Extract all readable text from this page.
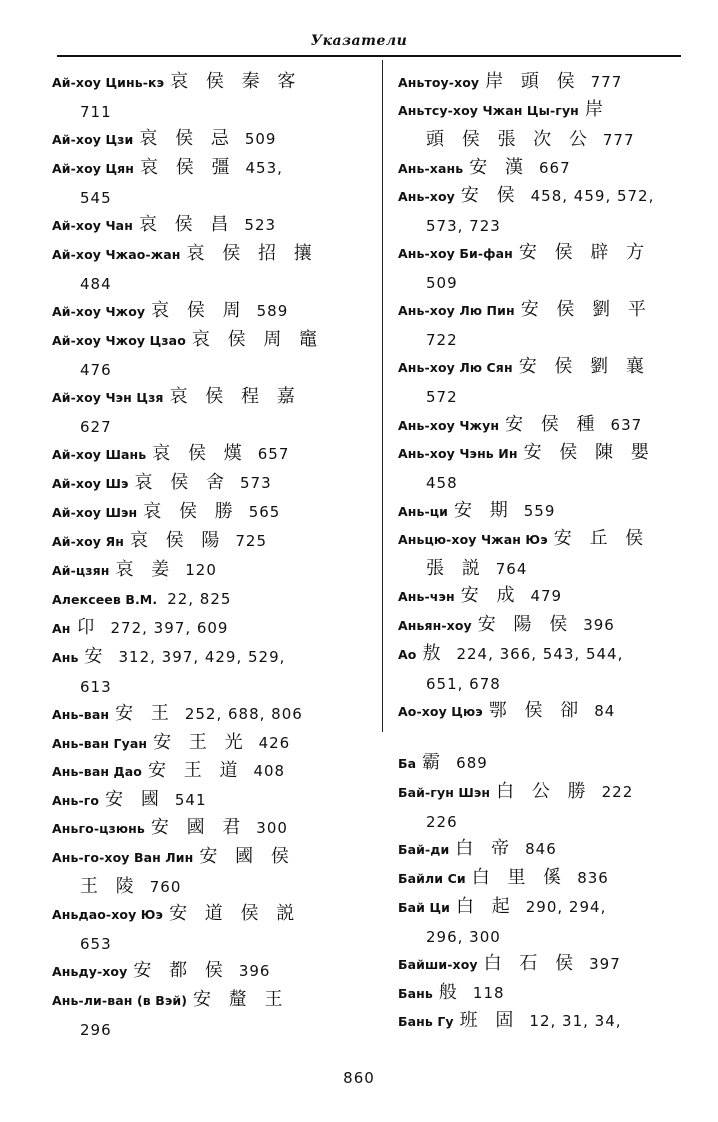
Указатели
Ай-хоу Цинь-кэ 哀 侯 秦 客
711
Ай-хоу Цзи 哀 侯 忌 509
Ай-хоу Цян 哀 侯 彊 453,
545
Ай-хоу Чан 哀 侯 昌 523
Ай-хоу Чжао-жан 哀 侯 招 攘
484
Ай-хоу Чжоу 哀 侯 周 589
Ай-хоу Чжоу Цзао 哀 侯 周 竈
476
Ай-хоу Чэн Цзя 哀 侯 程 嘉
627
Ай-хоу Шань 哀 侯 熯 657
Ай-хоу Шэ 哀 侯 舍 573
Ай-хоу Шэн 哀 侯 勝 565
Ай-хоу Ян 哀 侯 陽 725
Ай-цзян 哀 姜 120
Алексеев В.М. 22, 825
Ан 卬 272, 397, 609
Ань 安 312, 397, 429, 529,
613
Ань-ван 安 王 252, 688, 806
Ань-ван Гуан 安 王 光 426
Ань-ван Дао 安 王 道 408
Ань-го 安 國 541
Аньго-цзюнь 安 國 君 300
Ань-го-хоу Ван Лин 安 國 侯
王 陵 760
Аньдао-хоу Юэ 安 道 侯 説
653
Аньду-хоу 安 都 侯 396
Ань-ли-ван (в Вэй) 安 釐 王
296
Аньтоу-хоу 岸 頭 侯 777
Аньтсу-хоу Чжан Цы-гун 岸
頭 侯 張 次 公 777
Ань-хань 安 漢 667
Ань-хоу 安 侯 458, 459, 572,
573, 723
Ань-хоу Би-фан 安 侯 辟 方
509
Ань-хоу Лю Пин 安 侯 劉 平
722
Ань-хоу Лю Сян 安 侯 劉 襄
572
Ань-хоу Чжун 安 侯 種 637
Ань-хоу Чэнь Ин 安 侯 陳 嬰
458
Ань-ци 安 期 559
Аньцю-хоу Чжан Юэ 安 丘 侯
張 説 764
Ань-чэн 安 成 479
Аньян-хоу 安 陽 侯 396
Ао 敖 224, 366, 543, 544,
651, 678
Ао-хоу Цюэ 鄂 侯 卻 84
Ба 霸 689
Бай-гун Шэн 白 公 勝 222
226
Бай-ди 白 帝 846
Байли Си 白 里 傒 836
Бай Ци 白 起 290, 294,
296, 300
Байши-хоу 白 石 侯 397
Бань 般 118
Бань Гу 班 固 12, 31, 34,
860
